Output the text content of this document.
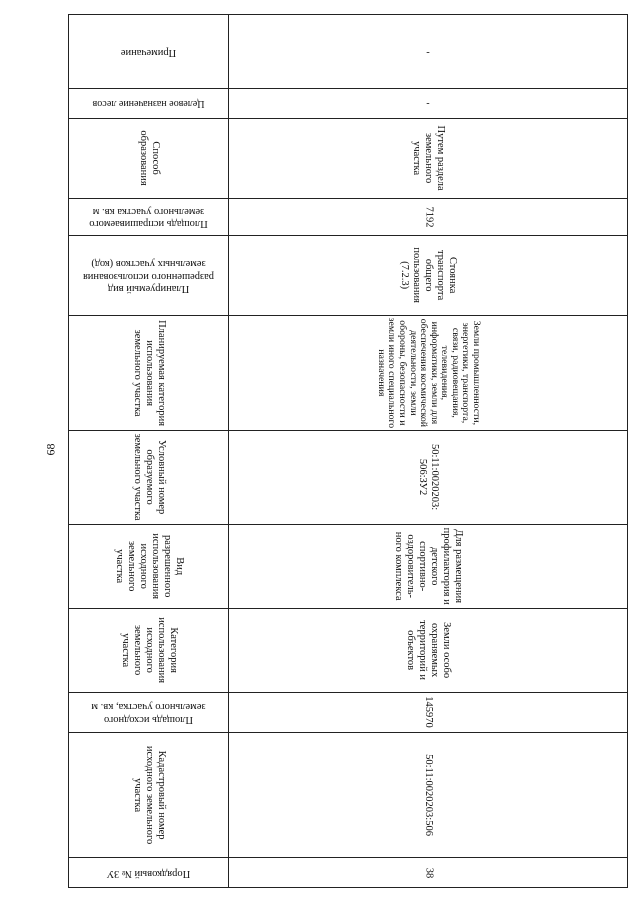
68
Примечание	-
Целевое назначение лесов	-
Способ образования	Путем раздела земельного участка
Площадь испрашиваемого земельного участка кв. м	7192
Планируемый вид разрешенного использования земельных участков (код)	Стоянка транспорта общего пользования (7.2.3)
Планируемая категория использования земельного участка	Земли промышленности, энергетики, транспорта, связи, радиовещания, телевидения, информатики, земли для обеспечения космической деятельности, земли обороны, безопасности и земли иного специального назначения
Условный номер образуемого земельного участка	50:11:0020203: 506:ЗУ2
Вид разрешенного использования исходного земельного участка	Для размещения профилактория и детского спортивно-оздоровитель-ного комплекса
Категория использования исходного земельного участка	Земли особо охраняемых территорий и объектов
Площадь исходного земельного участка, кв. м	145970
Кадастровый номер исходного земельного участка	50:11:0020203:506
Порядковый № ЗУ	38
